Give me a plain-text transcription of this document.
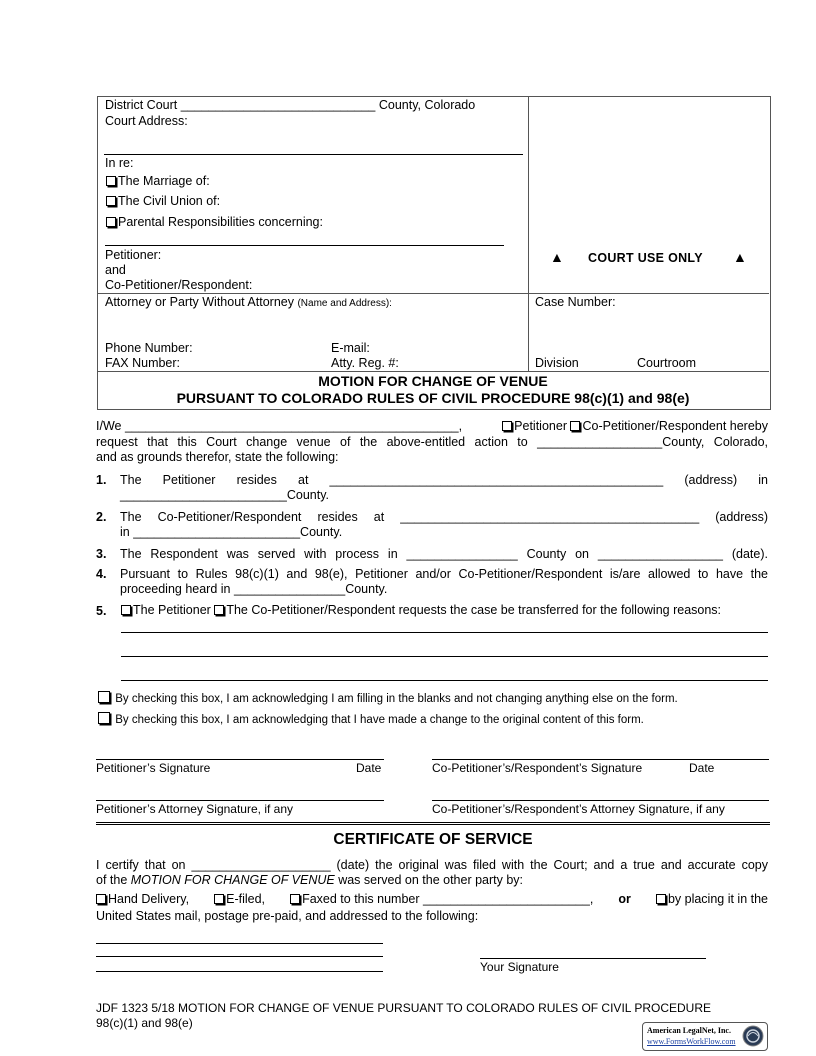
District Court ____________________________ County, Colorado
Court Address:
In re:
The Marriage of:
The Civil Union of:
Parental Responsibilities concerning:
Petitioner:
and
Co-Petitioner/Respondent:
▲ COURT USE ONLY ▲
Attorney or Party Without Attorney (Name and Address):
Phone Number:	E-mail:
FAX Number:	Atty. Reg. #:
Case Number:
Division	Courtroom
MOTION FOR CHANGE OF VENUE
PURSUANT TO COLORADO RULES OF CIVIL PROCEDURE 98(c)(1) and 98(e)
I/We ________________________________________________,	Petitioner Co-Petitioner/Respondent hereby
request that this Court change venue of the above-entitled action to __________________County, Colorado,
and as grounds therefor, state the following:
1. The Petitioner resides at ________________________________________________ (address) in
________________________County.
2. The Co-Petitioner/Respondent resides at ___________________________________________ (address)
in ________________________County.
3. The Respondent was served with process in ________________ County on __________________ (date).
4. Pursuant to Rules 98(c)(1) and 98(e), Petitioner and/or Co-Petitioner/Respondent is/are allowed to have the
proceeding heard in ________________County.
5.	The Petitioner The Co-Petitioner/Respondent requests the case be transferred for the following reasons:
By checking this box, I am acknowledging I am filling in the blanks and not changing anything else on the form.
By checking this box, I am acknowledging that I have made a change to the original content of this form.
Petitioner’s Signature	Date	Co-Petitioner’s/Respondent’s Signature	Date
Petitioner’s Attorney Signature, if any	Co-Petitioner’s/Respondent’s Attorney Signature, if any
CERTIFICATE OF SERVICE
I certify that on ____________________ (date) the original was filed with the Court; and a true and accurate copy
of the MOTION FOR CHANGE OF VENUE was served on the other party by:
Hand Delivery,	E-filed,	Faxed to this number ________________________, or	by placing it in the
United States mail, postage pre-paid, and addressed to the following:
Your Signature
JDF 1323 5/18 MOTION FOR CHANGE OF VENUE PURSUANT TO COLORADO RULES OF CIVIL PROCEDURE
98(c)(1) and 98(e)
American LegalNet, Inc.
www.FormsWorkFlow.com
